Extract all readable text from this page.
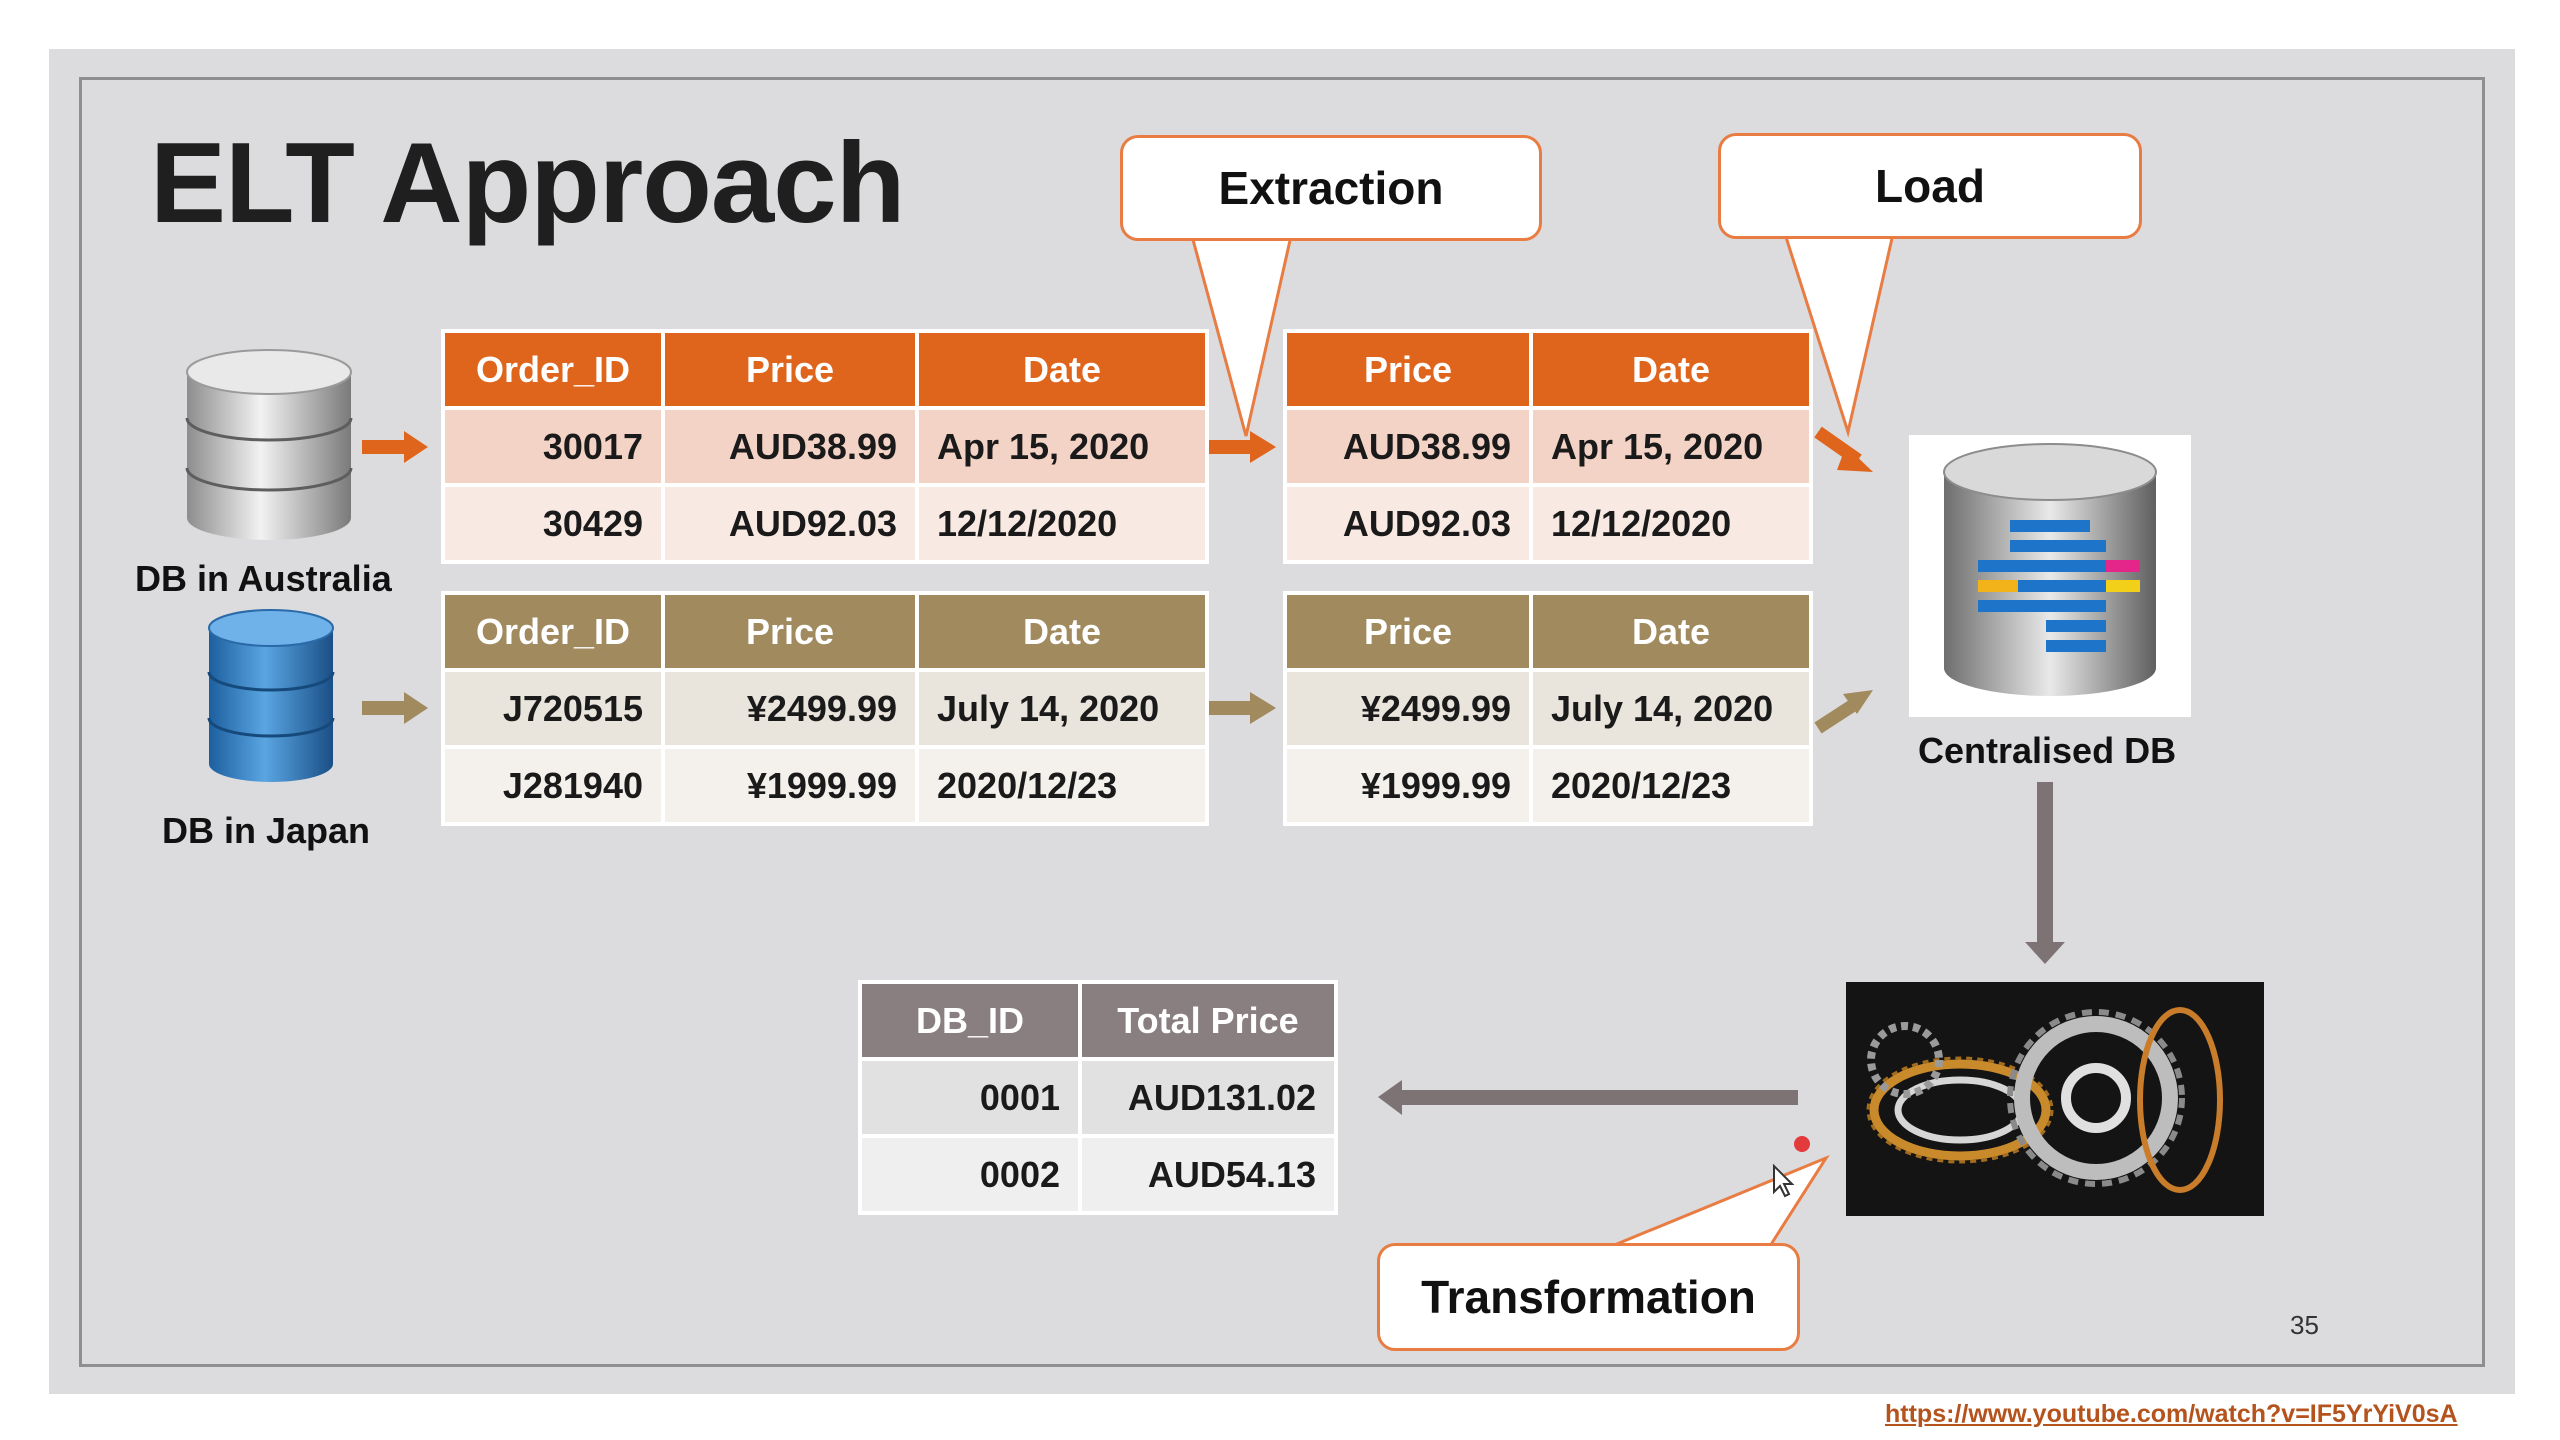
ELT Approach
DB in Australia
DB in Japan
Centralised DB
Extraction	Load
Transformation
Order_ID	Price	Date
30017	AUD38.99	Apr 15, 2020
30429	AUD92.03	12/12/2020
Order_ID	Price	Date
J720515	¥2499.99	July 14, 2020
J281940	¥1999.99	2020/12/23
Price	Date
AUD38.99	Apr 15, 2020
AUD92.03	12/12/2020
Price	Date
¥2499.99	July 14, 2020
¥1999.99	2020/12/23
DB_ID	Total Price
0001	AUD131.02
0002	AUD54.13
35
https://www.youtube.com/watch?v=IF5YrYiV0sA
